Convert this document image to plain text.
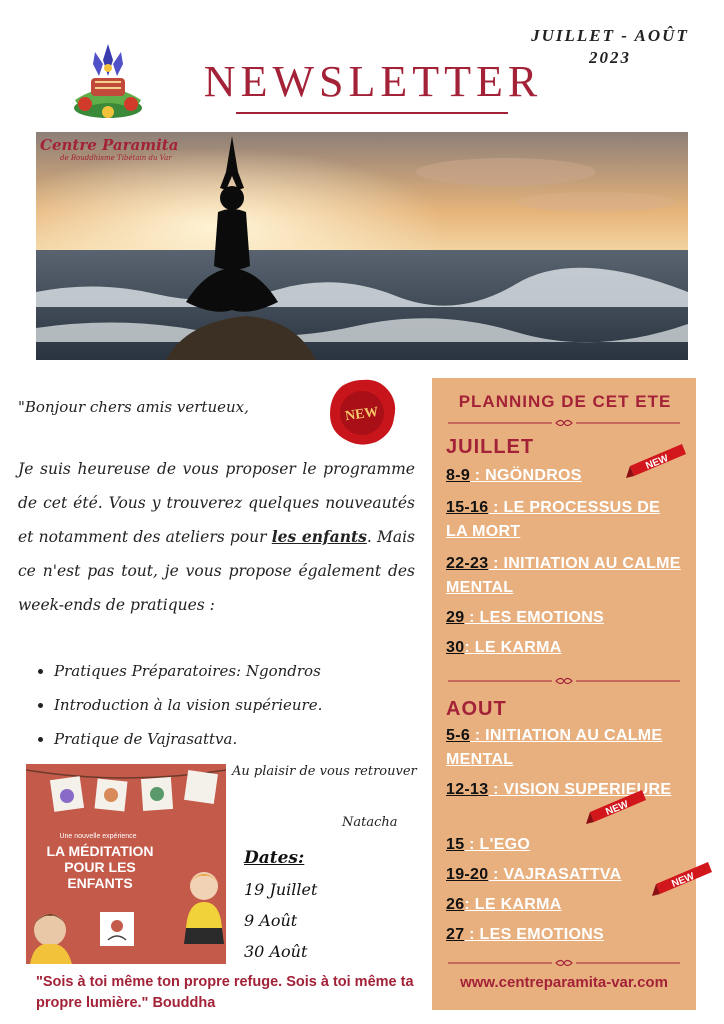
NEWSLETTER
JUILLET - AOÛT
2023
Centre Paramita
de Bouddhisme Tibétain du Var
"Bonjour chers amis vertueux,	NEW
Je suis heureuse de vous proposer le programme de cet été. Vous y trouverez quelques nouveautés et notamment des ateliers pour les enfants. Mais ce n'est pas tout, je vous propose également des week-ends de pratiques :
• Pratiques Préparatoires: Ngondros
• Introduction à la vision supérieure.
• Pratique de Vajrasattva.
Au plaisir de vous retrouver
Natacha
Une nouvelle expérience
LA MÉDITATION
POUR LES
ENFANTS
Dates:
19 Juillet
9 Août
30 Août
"Sois à toi même ton propre refuge. Sois à toi même ta propre lumière." Bouddha
PLANNING DE CET ETE
JUILLET
8-9 : NGÖNDROS
15-16 : LE PROCESSUS DE LA MORT
22-23 : INITIATION AU CALME MENTAL
29 : LES EMOTIONS
30: LE KARMA
AOUT
5-6 : INITIATION AU CALME MENTAL
12-13 : VISION SUPERIEURE
15 : L'EGO
19-20 : VAJRASATTVA
26: LE KARMA
27 : LES EMOTIONS
www.centreparamita-var.com
NEW
NEW
NEW
